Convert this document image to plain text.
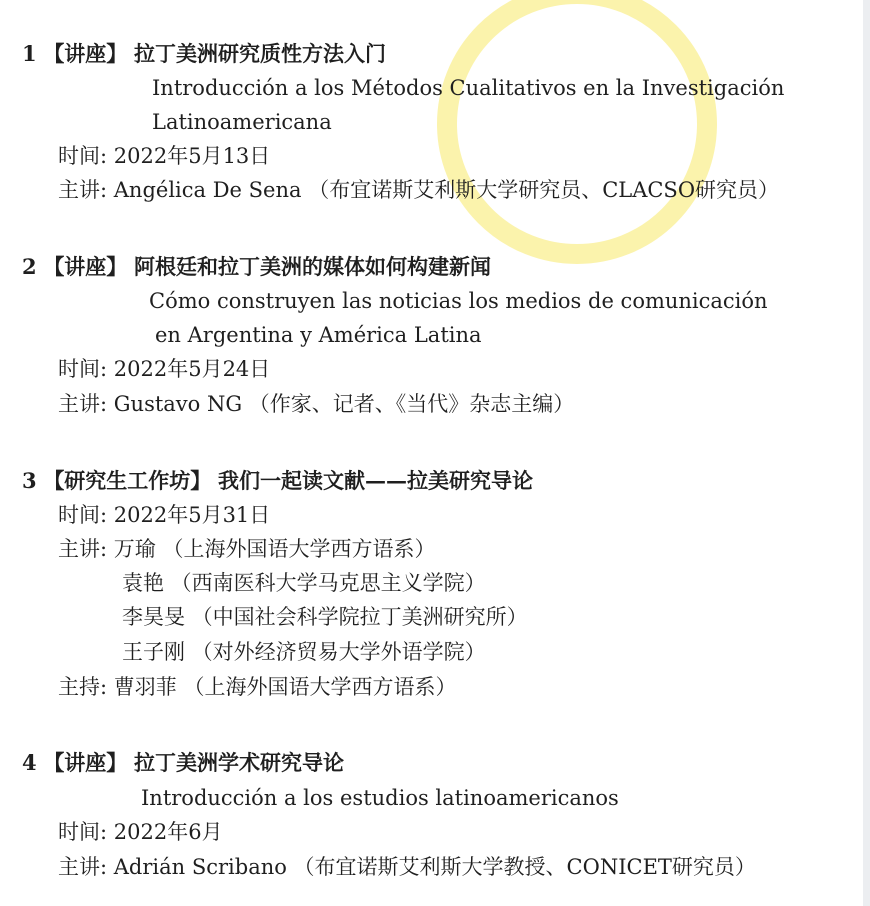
1 【讲座】 拉丁美洲研究质性方法入门
Introducción a los Métodos Cualitativos en la Investigación
Latinoamericana
时间: 2022年5月13日
主讲: Angélica De Sena （布宜诺斯艾利斯大学研究员、CLACSO研究员）
2 【讲座】 阿根廷和拉丁美洲的媒体如何构建新闻
Cómo construyen las noticias los medios de comunicación
en Argentina y América Latina
时间: 2022年5月24日
主讲: Gustavo NG （作家、记者、《当代》杂志主编）
3 【研究生工作坊】 我们一起读文献——拉美研究导论
时间: 2022年5月31日
主讲: 万瑜 （上海外国语大学西方语系）
袁艳 （西南医科大学马克思主义学院）
李昊旻 （中国社会科学院拉丁美洲研究所）
王子刚 （对外经济贸易大学外语学院）
主持: 曹羽菲 （上海外国语大学西方语系）
4 【讲座】 拉丁美洲学术研究导论
Introducción a los estudios latinoamericanos
时间: 2022年6月
主讲: Adrián Scribano （布宜诺斯艾利斯大学教授、CONICET研究员）
